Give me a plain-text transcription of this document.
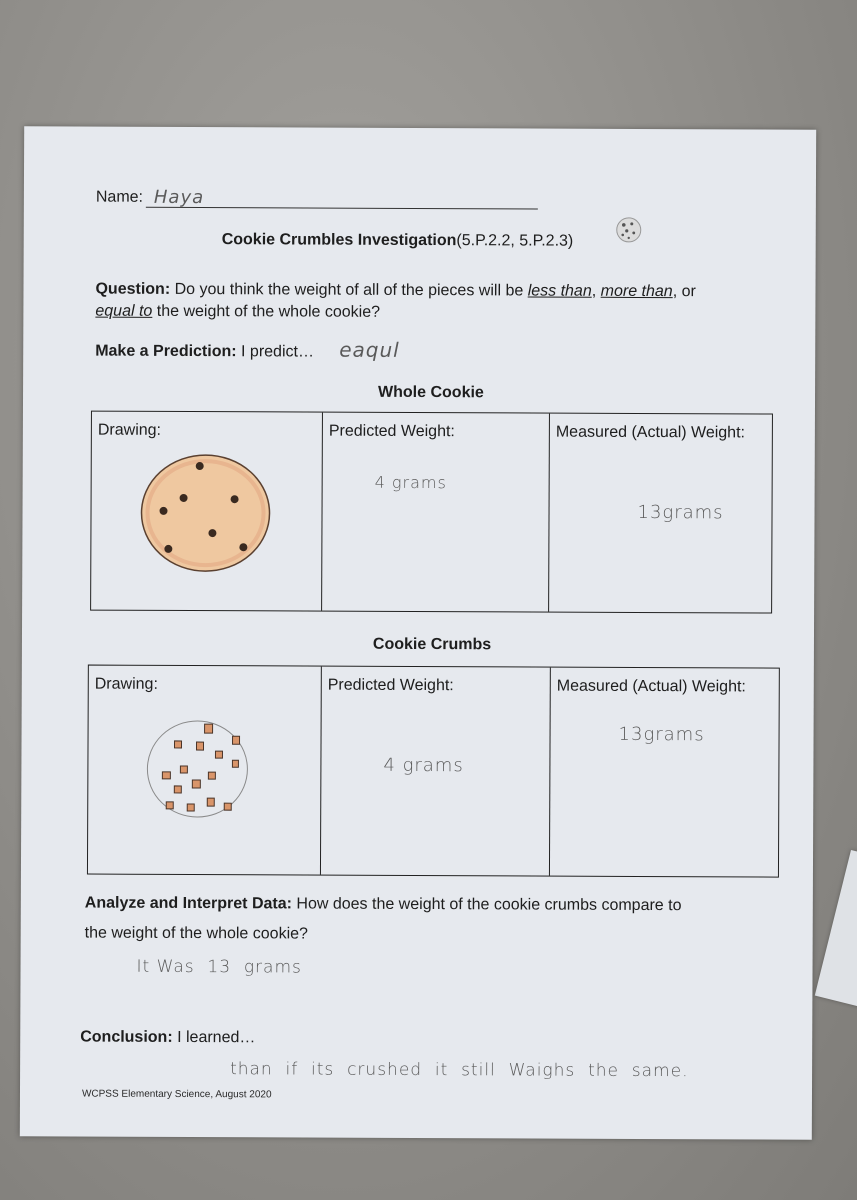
Name: Haya
Cookie Crumbles Investigation(5.P.2.2, 5.P.2.3)
Question: Do you think the weight of all of the pieces will be less than, more than, or
equal to the weight of the whole cookie?
Make a Prediction: I predict… eaqul
Whole Cookie
Drawing:	Predicted Weight:
4 grams
Measured (Actual) Weight:
13grams
Cookie Crumbs
Drawing:	Predicted Weight:
4 grams
Measured (Actual) Weight:
13grams
Analyze and Interpret Data: How does the weight of the cookie crumbs compare to
the weight of the whole cookie?
It Was  13  grams
Conclusion: I learned…
than  if  its  crushed  it  still  Waighs  the  same.
WCPSS Elementary Science, August 2020
